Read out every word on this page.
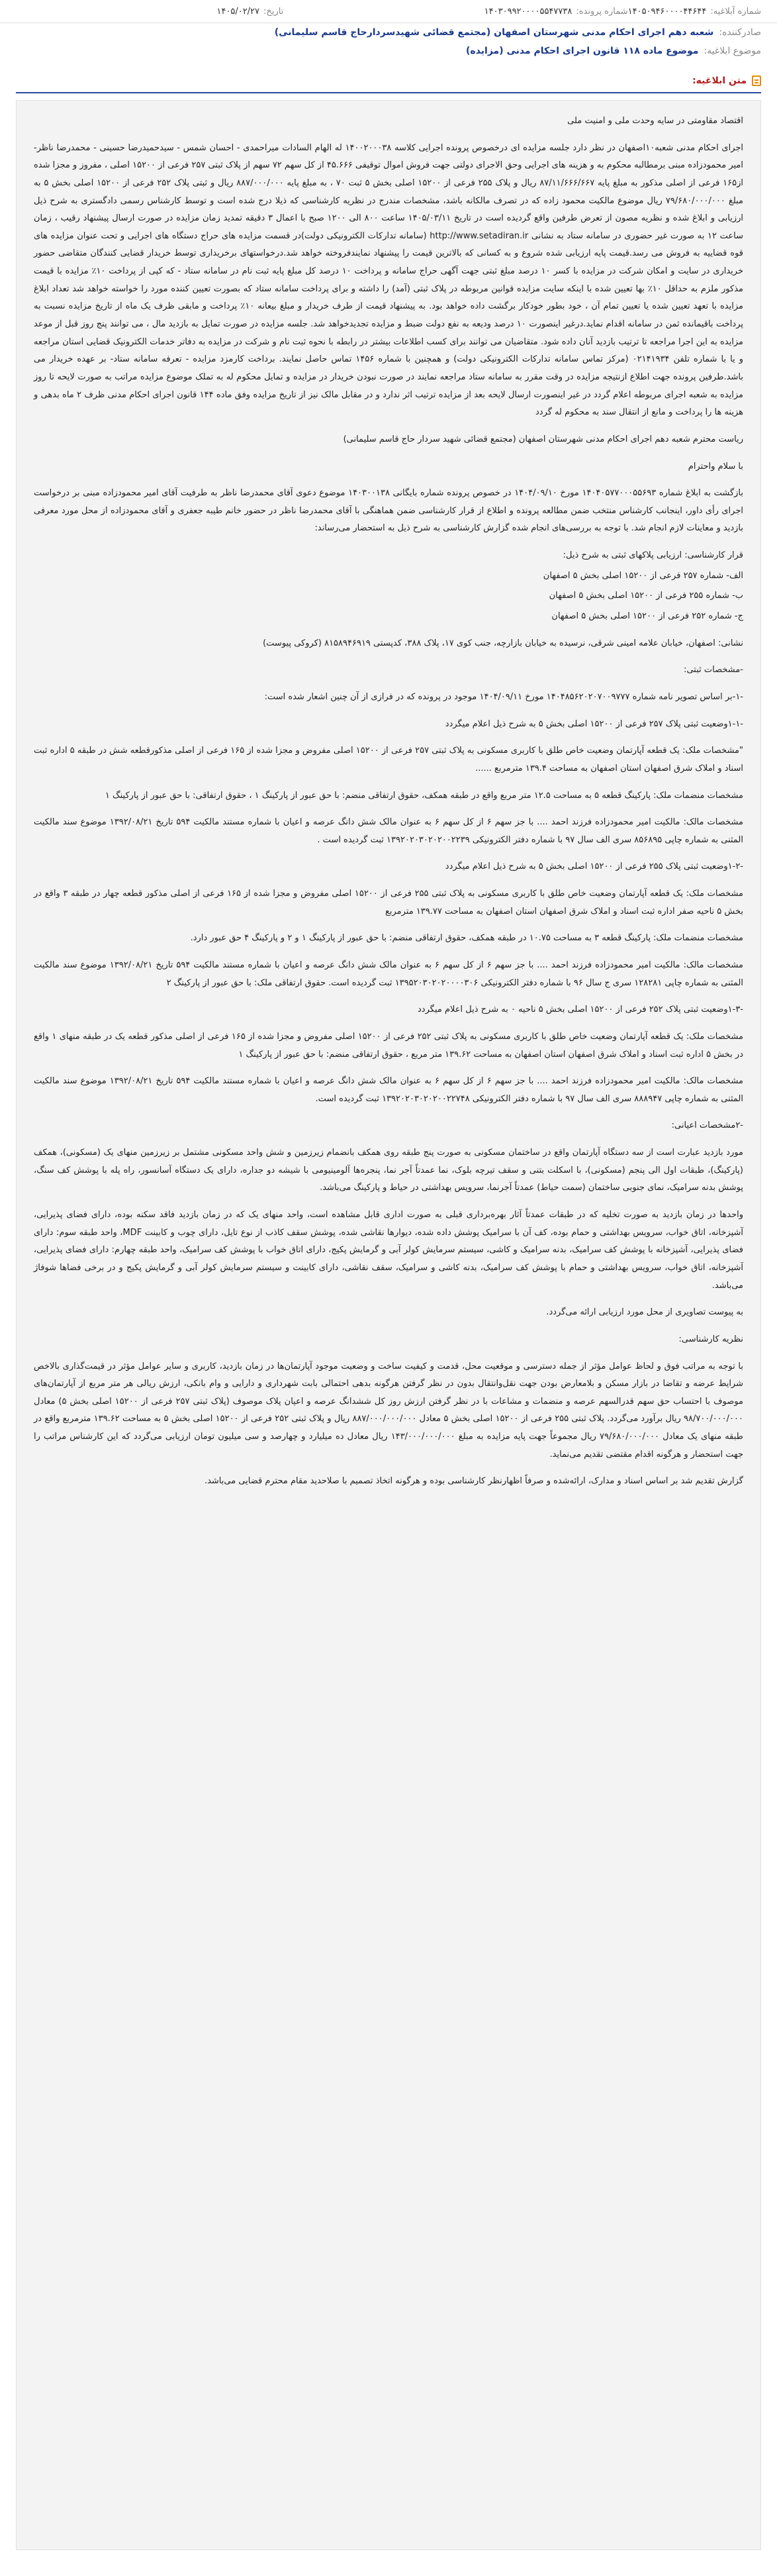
شماره آبلاغیه:
۱۴۰۵۰۹۴۶۰۰۰۰۴۴۶۴۴
شماره پرونده:
۱۴۰۳۰۹۹۲۰۰۰۰۵۵۴۷۷۳۸
تاریخ:
۱۴۰۵/۰۲/۲۷
صادرکننده:
شعبه دهم اجرای احکام مدنی شهرستان اصفهان (مجتمع قضائی شهیدسردارحاج قاسم سلیمانی)
موضوع ابلاغیه:
موضوع ماده ۱۱۸ قانون اجرای احکام مدنی (مزایده)
متن ابلاغیه:

اقتصاد مقاومتی در سایه وحدت ملی و امنیت ملی

اجرای احکام مدنی شعبه۱۰اصفهان در نظر دارد جلسه مزایده ای درخصوص پرونده اجرایی کلاسه ۱۴۰۰۲۰۰۰۳۸ له الهام السادات میراحمدی - احسان شمس - سیدحمیدرضا حسینی - محمدرضا ناظر- امیر محمودزاده مبنی برمطالبه محکوم به و هزینه های اجرایی وحق الاجرای دولتی جهت فروش اموال توقیفی ۴۵.۶۶۶ از کل سهم ۷۲ سهم از پلاک ثبتی ۲۵۷ فرعی از ۱۵۲۰۰ اصلی ، مفروز و مجزا شده از۱۶۵ فرعی از اصلی مذکور به مبلغ پایه ۸۷/۱۱/۶۶۶/۶۶۷ ریال و پلاک ۲۵۵ فرعی از ۱۵۲۰۰ اصلی بخش ۵ ثبت ۷۰ ، به مبلغ پایه ۸۸۷/۰۰۰/۰۰۰ ریال و ثبتی پلاک ۲۵۲ فرعی از ۱۵۲۰۰ اصلی بخش ۵ به مبلغ ۷۹/۶۸۰/۰۰۰/۰۰۰ ریال موضوع مالکیت محمود زاده که در تصرف مالکانه باشد، مشخصات مندرج در نظریه کارشناسی که ذیلا درج شده است و توسط کارشناس رسمی دادگستری به شرح ذیل ارزیابی و ابلاغ شده و نظریه مصون از تعرض طرفین واقع گردیده است در تاریخ ۱۴۰۵/۰۳/۱۱ ساعت ۸۰۰ الی ۱۲۰۰ صبح با اعمال ۳ دقیقه تمدید زمان مزایده در صورت ارسال پیشنهاد رقیب ، زمان ساعت ۱۲ به صورت غیر حضوری در سامانه ستاد به نشانی http://www.setadiran.ir (سامانه تدارکات الکترونیکی دولت)در قسمت مزایده های حراج دستگاه های اجرایی و تحت عنوان مزایده های قوه قضاییه به فروش می رسد.قیمت پایه ارزیابی شده شروع و به کسانی که بالاترین قیمت را پیشنهاد نمایندفروخته خواهد شد.درخواستهای برخریداری توسط خریدار قضایی کنندگان متقاضی حضور خریداری در سایت و امکان شرکت در مزایده با کسر ۱۰ درصد مبلغ ثبتی جهت آگهی حراج سامانه و پرداخت ۱۰ درصد کل مبلغ پایه ثبت نام در سامانه ستاد - که کپی از پرداخت ۱۰٪ مزایده با قیمت مذکور ملزم به حداقل ۱۰٪ بها تعیین شده با اینکه سایت مزایده قوانین مربوطه در پلاک ثبتی (آمد) را داشته و برای پرداخت سامانه ستاد که بصورت تعیین کننده مورد را خواسته خواهد شد تعداد ابلاغ مزایده با تعهد تعیین شده یا تعیین تمام آن ، خود بطور خودکار برگشت داده خواهد بود. به پیشنهاد قیمت از طرف خریدار و مبلغ بیعانه ۱۰٪ پرداخت و مابقی ظرف یک ماه از تاریخ مزایده نسبت به پرداخت باقیمانده ثمن در سامانه اقدام نماید.درغیر اینصورت ۱۰ درصد ودیعه به نفع دولت ضبط و مزایده تجدیدخواهد شد. جلسه مزایده در صورت تمایل به بازدید مال ، می توانند پنج روز قبل از موعد مزایده به این اجرا مراجعه تا ترتیب بازدید آنان داده شود. متقاضیان می توانند برای کسب اطلاعات بیشتر در رابطه با نحوه ثبت نام و شرکت در مزایده به دفاتر خدمات الکترونیک قضایی استان مراجعه و یا با شماره تلفن ۰۲۱۴۱۹۳۴ (مرکز تماس سامانه تدارکات الکترونیکی دولت) و همچنین با شماره ۱۴۵۶ تماس حاصل نمایند. برداخت کارمزد مزایده - تعرفه سامانه ستاد- بر عهده خریدار می باشد.طرفین پرونده جهت اطلاع ازنتیجه مزایده در وقت مقرر به سامانه ستاد مراجعه نمایند در صورت نبودن خریدار در مزایده و تمایل محکوم له به تملک موضوع مزایده مراتب به صورت لایحه تا روز مزایده به شعبه اجرای مربوطه اعلام گردد در غیر اینصورت ارسال لایحه بعد از مزایده ترتیب اثر ندارد و در مقابل مالک نیز از تاریخ مزایده وفق ماده ۱۴۴ قانون اجرای احکام مدنی ظرف ۲ ماه بدهی و هزینه ها را پرداخت و مانع از انتقال سند به محکوم له گردد

ریاست محترم شعبه دهم اجرای احکام مدنی شهرستان اصفهان (مجتمع قضائی شهید سردار حاج قاسم سلیمانی)

با سلام واحترام

بازگشت به ابلاغ شماره ۱۴۰۴۰۵۷۷۰۰۰۵۵۶۹۳ مورخ ۱۴۰۴/۰۹/۱۰ در خصوص پرونده شماره بایگانی ۱۴۰۳۰۰۱۳۸ موضوع دعوی آقای محمدرضا ناظر به طرفیت آقای امیر محمودزاده مبنی بر درخواست اجرای رأی داور، اینجانب کارشناس منتخب ضمن مطالعه پرونده و اطلاع از قرار کارشناسی ضمن هماهنگی با آقای محمدرضا ناظر در حضور خانم طیبه جعفری و آقای محمودزاده از محل مورد معرفی بازدید و معاینات لازم انجام شد. با توجه به بررسی‌های انجام شده گزارش کارشناسی به شرح ذیل به استحضار می‌رساند:

قرار کارشناسی: ارزیابی پلاکهای ثبتی به شرح ذیل:

الف- شماره ۲۵۷ فرعی از ۱۵۲۰۰ اصلی بخش ۵ اصفهان

ب- شماره ۲۵۵ فرعی از ۱۵۲۰۰ اصلی بخش ۵ اصفهان

ج- شماره ۲۵۲ فرعی از ۱۵۲۰۰ اصلی بخش ۵ اصفهان

نشانی: اصفهان، خیابان علامه امینی شرقی، نرسیده به خیابان بازارچه، جنب کوی ۱۷، پلاک ۳۸۸، کدپستی ۸۱۵۸۹۴۶۹۱۹ (کروکی پیوست)

-مشخصات ثبتی:

-۱-بر اساس تصویر نامه شماره ۱۴۰۴۸۵۶۲۰۲۰۷۰۰۹۷۷۷ مورخ ۱۴۰۴/۰۹/۱۱ موجود در پرونده که در فرازی از آن چنین اشعار شده است:

-۱-۱وضعیت ثبتی پلاک ۲۵۷ فرعی از ۱۵۲۰۰ اصلی بخش ۵ به شرح ذیل اعلام میگردد

"مشخصات ملک: یک قطعه آپارتمان وضعیت خاص طلق با کاربری مسکونی به پلاک ثبتی ۲۵۷ فرعی از ۱۵۲۰۰ اصلی مفروض و مجزا شده از ۱۶۵ فرعی از اصلی مذکورقطعه شش در طبقه ۵ اداره ثبت اسناد و املاک شرق اصفهان استان اصفهان به مساحت ۱۳۹.۴ مترمربع ......

مشخصات منضمات ملک: پارکینگ قطعه ۵ به مساحت ۱۲.۵ متر مربع واقع در طبقه همکف، حقوق ارتفاقی منضم: با حق عبور از پارکینگ ۱ ، حقوق ارتفاقی: با حق عبور از پارکینگ ۱

مشخصات مالک: مالکیت امیر محمودزاده فرزند احمد .... با جز سهم ۶ از کل سهم ۶ به عنوان مالک شش دانگ عرصه و اعیان با شماره مستند مالکیت ۵۹۴ تاریخ ۱۳۹۲/۰۸/۲۱ موضوع سند مالکیت المثنی به شماره چاپی ۸۵۶۸۹۵ سری الف سال ۹۷ با شماره دفتر الکترونیکی ۱۳۹۲۰۲۰۳۰۲۰۲۰۰۲۲۳۹ ثبت گردیده است .

-۱-۲وضعیت ثبتی پلاک ۲۵۵ فرعی از ۱۵۲۰۰ اصلی بخش ۵ به شرح ذیل اعلام میگردد

مشخصات ملک: یک قطعه آپارتمان وضعیت خاص طلق با کاربری مسکونی به پلاک ثبتی ۲۵۵ فرعی از ۱۵۲۰۰ اصلی مفروض و مجزا شده از ۱۶۵ فرعی از اصلی مذکور قطعه چهار در طبقه ۳ واقع در بخش ۵ ناحیه صفر اداره ثبت اسناد و املاک شرق اصفهان استان اصفهان به مساحت ۱۳۹.۷۷ مترمربع

مشخصات منضمات ملک: پارکینگ قطعه ۳ به مساحت ۱۰.۷۵ در طبقه همکف، حقوق ارتفاقی منضم: با حق عبور از پارکینگ ۱ و ۲ و پارکینگ ۴ حق عبور دارد.

مشخصات مالک: مالکیت امیر محمودزاده فرزند احمد .... با جز سهم ۶ از کل سهم ۶ به عنوان مالک شش دانگ عرصه و اعیان با شماره مستند مالکیت ۵۹۴ تاریخ ۱۳۹۲/۰۸/۲۱ موضوع سند مالکیت المثنی به شماره چاپی ۱۲۸۲۸۱ سری ج سال ۹۶ با شماره دفتر الکترونیکی ۱۳۹۵۲۰۳۰۲۰۲۰۰۰۰۳۰۶ ثبت گردیده است. حقوق ارتفاقی ملک: با حق عبور از پارکینگ ۲

-۱-۳وضعیت ثبتی پلاک ۲۵۲ فرعی از ۱۵۲۰۰ اصلی بخش ۵ ناحیه ۰ به شرح ذیل اعلام میگردد

مشخصات ملک: یک قطعه آپارتمان وضعیت خاص طلق با کاربری مسکونی به پلاک ثبتی ۲۵۲ فرعی از ۱۵۲۰۰ اصلی مفروض و مجزا شده از ۱۶۵ فرعی از اصلی مذکور قطعه یک در طبقه منهای ۱ واقع در بخش ۵ اداره ثبت اسناد و املاک شرق اصفهان استان اصفهان به مساحت ۱۳۹.۶۲ متر مربع ، حقوق ارتفاقی منضم: با حق عبور از پارکینگ ۱

مشخصات مالک: مالکیت امیر محمودزاده فرزند احمد .... با جز سهم ۶ از کل سهم ۶ به عنوان مالک شش دانگ عرصه و اعیان با شماره مستند مالکیت ۵۹۴ تاریخ ۱۳۹۲/۰۸/۲۱ موضوع سند مالکیت المثنی به شماره چاپی ۸۸۸۹۴۷ سری الف سال ۹۷ با شماره دفتر الکترونیکی ۱۳۹۲۰۲۰۳۰۲۰۲۰۰۲۲۷۴۸ ثبت گردیده است.

-۲مشخصات اعیانی:

مورد بازدید عبارت است از سه دستگاه آپارتمان واقع در ساختمان مسکونی به صورت پنج طبقه روی همکف بانضمام زیرزمین و شش واحد مسکونی مشتمل بر زیرزمین منهای یک (مسکونی)، همکف (پارکینگ)، طبقات اول الی پنجم (مسکونی)، با اسکلت بتنی و سقف تیرچه بلوک، نما عمدتاً آجر نما، پنجره‌ها آلومینیومی با شیشه دو جداره، دارای یک دستگاه آسانسور، راه پله با پوشش کف سنگ، پوشش بدنه سرامیک، نمای جنوبی ساختمان (سمت حیاط) عمدتاً آجرنما، سرویس بهداشتی در حیاط و پارکینگ می‌باشد.

واحدها در زمان بازدید به صورت تخلیه که در طبقات عمدتاً آثار بهره‌برداری قبلی به صورت اداری قابل مشاهده است، واحد منهای یک که در زمان بازدید فاقد سکنه بوده، دارای فضای پذیرایی، آشپزخانه، اتاق خواب، سرویس بهداشتی و حمام بوده، کف آن با سرامیک پوشش داده شده، دیوارها نقاشی شده، پوشش سقف کاذب از نوع تایل، دارای چوب و کابینت MDF، واحد طبقه سوم: دارای فضای پذیرایی، آشپزخانه با پوشش کف سرامیک، بدنه سرامیک و کاشی، سیستم سرمایش کولر آبی و گرمایش پکیج، دارای اتاق خواب با پوشش کف سرامیک، واحد طبقه چهارم: دارای فضای پذیرایی، آشپزخانه، اتاق خواب، سرویس بهداشتی و حمام با پوشش کف سرامیک، بدنه کاشی و سرامیک، سقف نقاشی، دارای کابینت و سیستم سرمایش کولر آبی و گرمایش پکیج و در برخی فضاها شوفاژ می‌باشد.

به پیوست تصاویری از محل مورد ارزیابی ارائه می‌گردد.

نظریه کارشناسی:

با توجه به مراتب فوق و لحاظ عوامل مؤثر از جمله دسترسی و موقعیت محل، قدمت و کیفیت ساخت و وضعیت موجود آپارتمان‌ها در زمان بازدید، کاربری و سایر عوامل مؤثر در قیمت‌گذاری بالاخص شرایط عرضه و تقاضا در بازار مسکن و بلامعارض بودن جهت نقل‌وانتقال بدون در نظر گرفتن هرگونه بدهی احتمالی بابت شهرداری و دارایی و وام بانکی، ارزش ریالی هر متر مربع از آپارتمان‌های موصوف با احتساب حق سهم قدرالسهم عرصه و منضمات و مشاعات با در نظر گرفتن ارزش روز کل ششدانگ عرصه و اعیان پلاک موصوف (پلاک ثبتی ۲۵۷ فرعی از ۱۵۲۰۰ اصلی بخش ۵) معادل ۹۸/۷۰۰/۰۰۰/۰۰۰ ریال برآورد می‌گردد. پلاک ثبتی ۲۵۵ فرعی از ۱۵۲۰۰ اصلی بخش ۵ معادل ۸۸۷/۰۰۰/۰۰۰/۰۰۰ ریال و پلاک ثبتی ۲۵۲ فرعی از ۱۵۲۰۰ اصلی بخش ۵ به مساحت ۱۳۹.۶۲ مترمربع واقع در طبقه منهای یک معادل ۷۹/۶۸۰/۰۰۰/۰۰۰ ریال مجموعاً جهت پایه مزایده به مبلغ ۱۴۳/۰۰۰/۰۰۰/۰۰۰ ریال معادل ده میلیارد و چهارصد و سی میلیون تومان ارزیابی می‌گردد که این کارشناس مراتب را جهت استحضار و هرگونه اقدام مقتضی تقدیم می‌نماید.

گزارش تقدیم شد بر اساس اسناد و مدارک، ارائه‌شده و صرفاً اظهارنظر کارشناسی بوده و هرگونه اتخاذ تصمیم با صلاحدید مقام محترم قضایی می‌باشد.
